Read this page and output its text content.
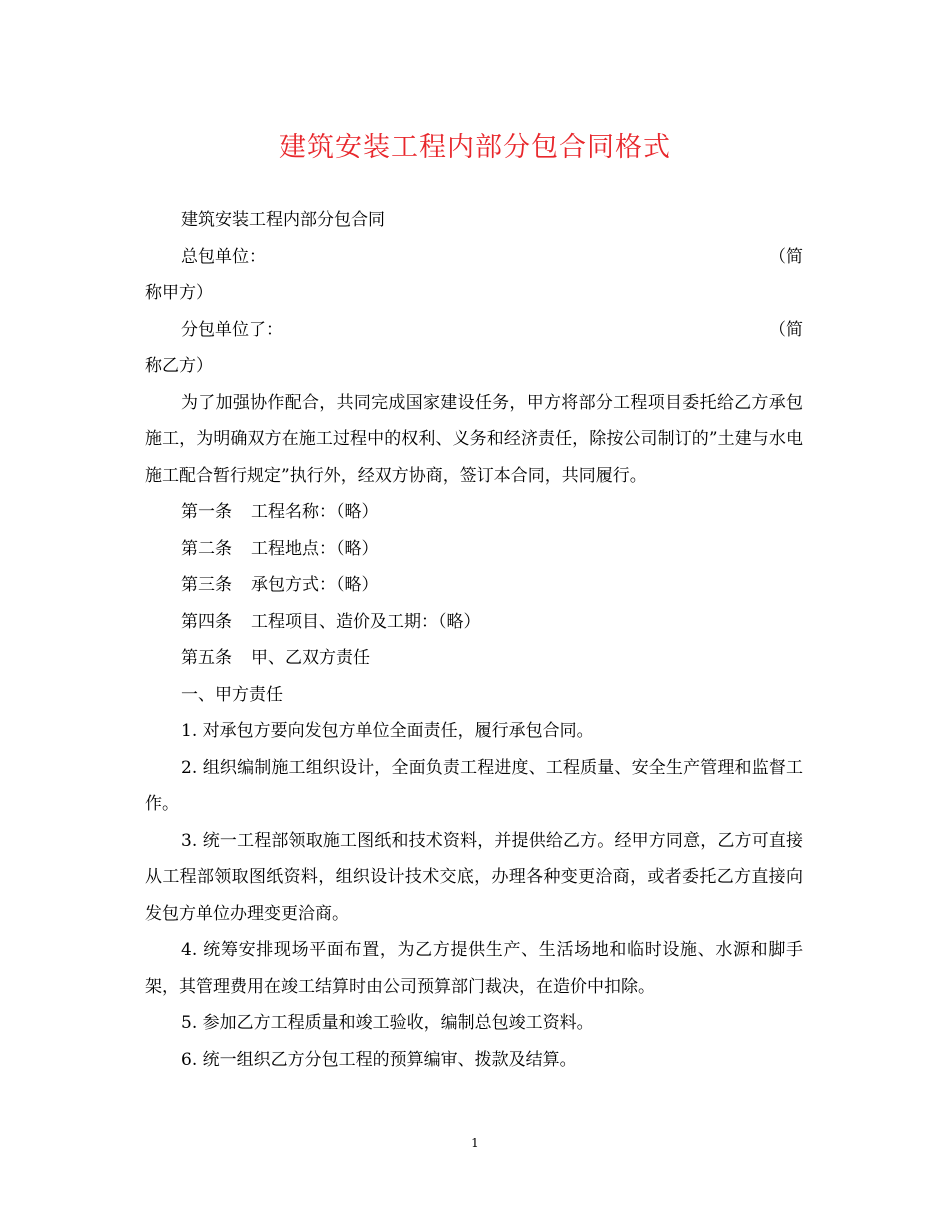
建筑安装工程内部分包合同格式

建筑安装工程内部分包合同

总包单位：	（简

称甲方）

分包单位了：	（简

称乙方）

为了加强协作配合，共同完成国家建设任务，甲方将部分工程项目委托给乙方承包施工，为明确双方在施工过程中的权利、义务和经济责任，除按公司制订的”土建与水电施工配合暂行规定”执行外，经双方协商，签订本合同，共同履行。

第一条 工程名称：（略）

第二条 工程地点：（略）

第三条 承包方式：（略）

第四条 工程项目、造价及工期：（略）

第五条 甲、乙双方责任

一、甲方责任

1. 对承包方要向发包方单位全面责任，履行承包合同。

2. 组织编制施工组织设计，全面负责工程进度、工程质量、安全生产管理和监督工作。

3. 统一工程部领取施工图纸和技术资料，并提供给乙方。经甲方同意，乙方可直接从工程部领取图纸资料，组织设计技术交底，办理各种变更洽商，或者委托乙方直接向发包方单位办理变更洽商。

4. 统筹安排现场平面布置，为乙方提供生产、生活场地和临时设施、水源和脚手架，其管理费用在竣工结算时由公司预算部门裁决，在造价中扣除。

5. 参加乙方工程质量和竣工验收，编制总包竣工资料。

6. 统一组织乙方分包工程的预算编审、拨款及结算。

1
